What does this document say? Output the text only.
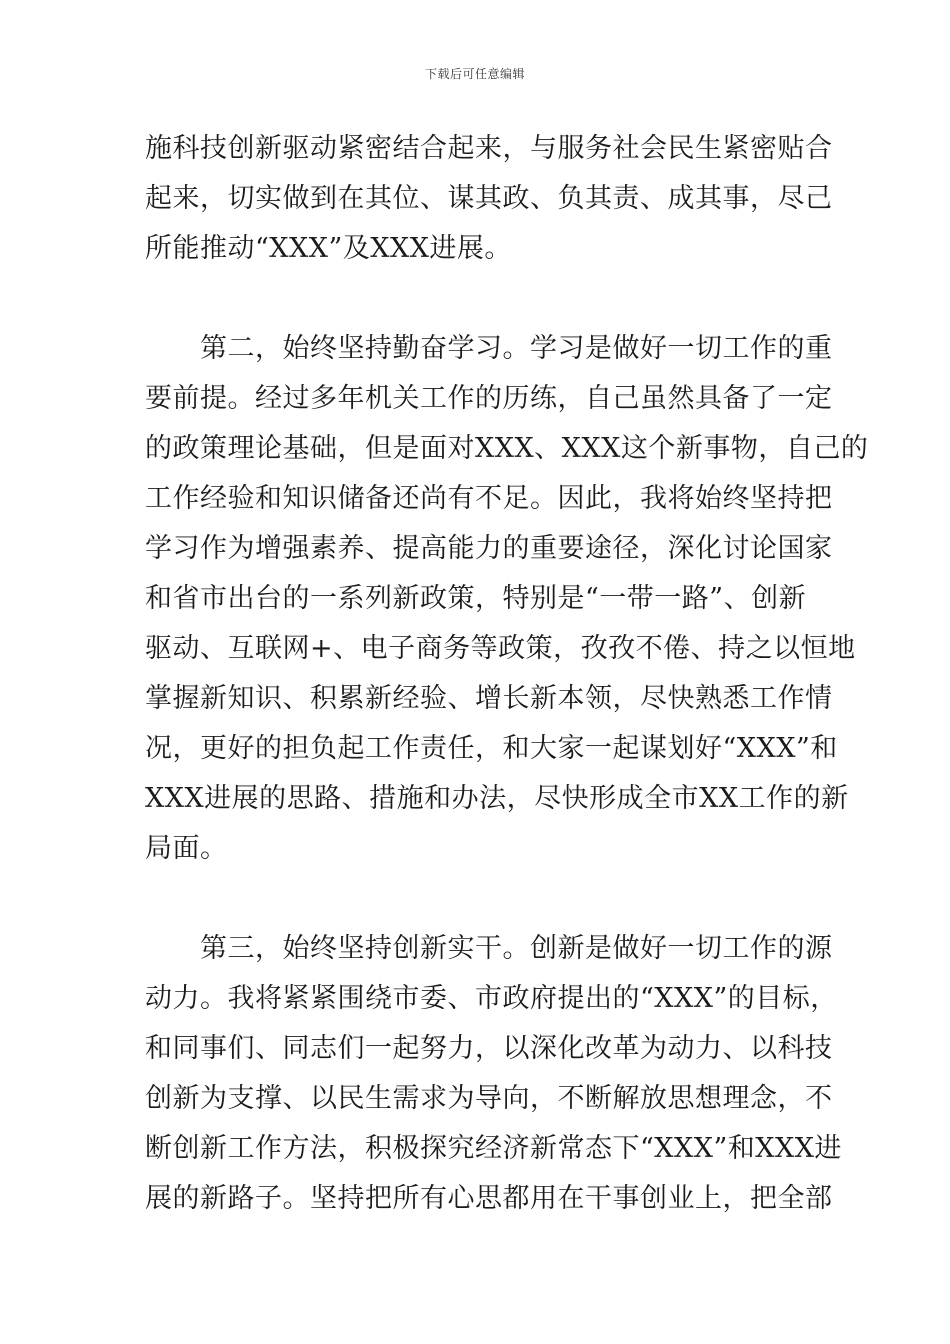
下载后可任意编辑
施科技创新驱动紧密结合起来，与服务社会民生紧密贴合
起来，切实做到在其位、谋其政、负其责、成其事，尽己
所能推动“XXX”及XXX进展。
　　第二，始终坚持勤奋学习。学习是做好一切工作的重
要前提。经过多年机关工作的历练，自己虽然具备了一定
的政策理论基础，但是面对XXX、XXX这个新事物，自己的
工作经验和知识储备还尚有不足。因此，我将始终坚持把
学习作为增强素养、提高能力的重要途径，深化讨论国家
和省市出台的一系列新政策，特别是“一带一路”、创新
驱动、互联网+、电子商务等政策，孜孜不倦、持之以恒地
掌握新知识、积累新经验、增长新本领，尽快熟悉工作情
况，更好的担负起工作责任，和大家一起谋划好“XXX”和
XXX进展的思路、措施和办法，尽快形成全市XX工作的新
局面。
　　第三，始终坚持创新实干。创新是做好一切工作的源
动力。我将紧紧围绕市委、市政府提出的“XXX”的目标，
和同事们、同志们一起努力，以深化改革为动力、以科技
创新为支撑、以民生需求为导向，不断解放思想理念，不
断创新工作方法，积极探究经济新常态下“XXX”和XXX进
展的新路子。坚持把所有心思都用在干事创业上，把全部
